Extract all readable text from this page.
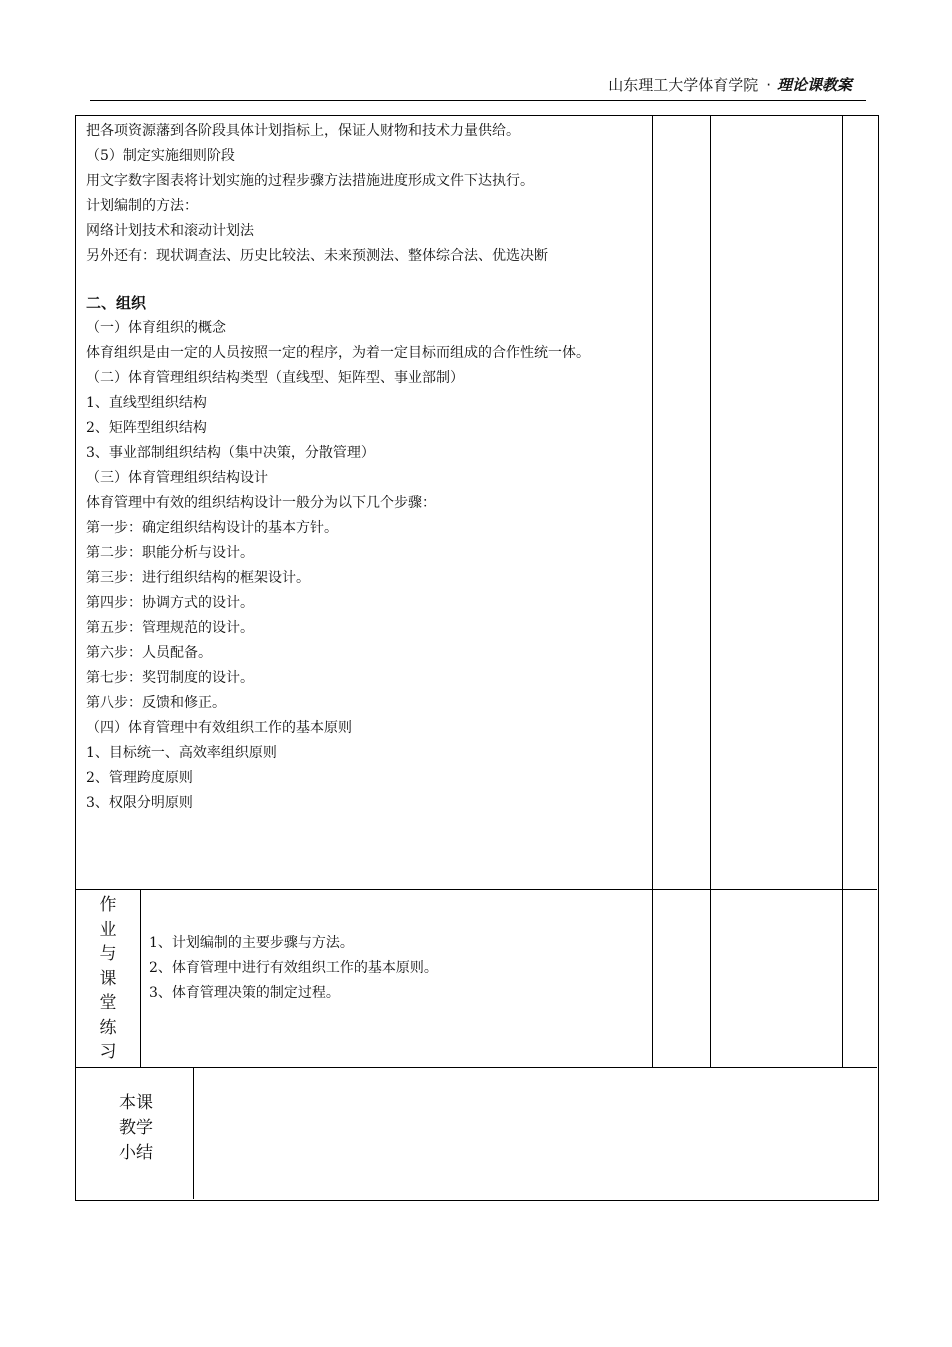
山东理工大学体育学院 · 理论课教案
把各项资源藩到各阶段具体计划指标上，保证人财物和技术力量供给。
（5）制定实施细则阶段
用文字数字图表将计划实施的过程步骤方法措施进度形成文件下达执行。
计划编制的方法：
网络计划技术和滚动计划法
另外还有：现状调查法、历史比较法、未来预测法、整体综合法、优选决断
二、组织
（一）体育组织的概念
体育组织是由一定的人员按照一定的程序，为着一定目标而组成的合作性统一体。
（二）体育管理组织结构类型（直线型、矩阵型、事业部制）
1、直线型组织结构
2、矩阵型组织结构
3、事业部制组织结构（集中决策，分散管理）
（三）体育管理组织结构设计
体育管理中有效的组织结构设计一般分为以下几个步骤：
第一步：确定组织结构设计的基本方针。
第二步：职能分析与设计。
第三步：进行组织结构的框架设计。
第四步：协调方式的设计。
第五步：管理规范的设计。
第六步：人员配备。
第七步：奖罚制度的设计。
第八步：反馈和修正。
（四）体育管理中有效组织工作的基本原则
1、目标统一、高效率组织原则
2、管理跨度原则
3、权限分明原则
作
业
与
课
堂
练
习
1、计划编制的主要步骤与方法。
2、体育管理中进行有效组织工作的基本原则。
3、体育管理决策的制定过程。
本课
教学
小结
